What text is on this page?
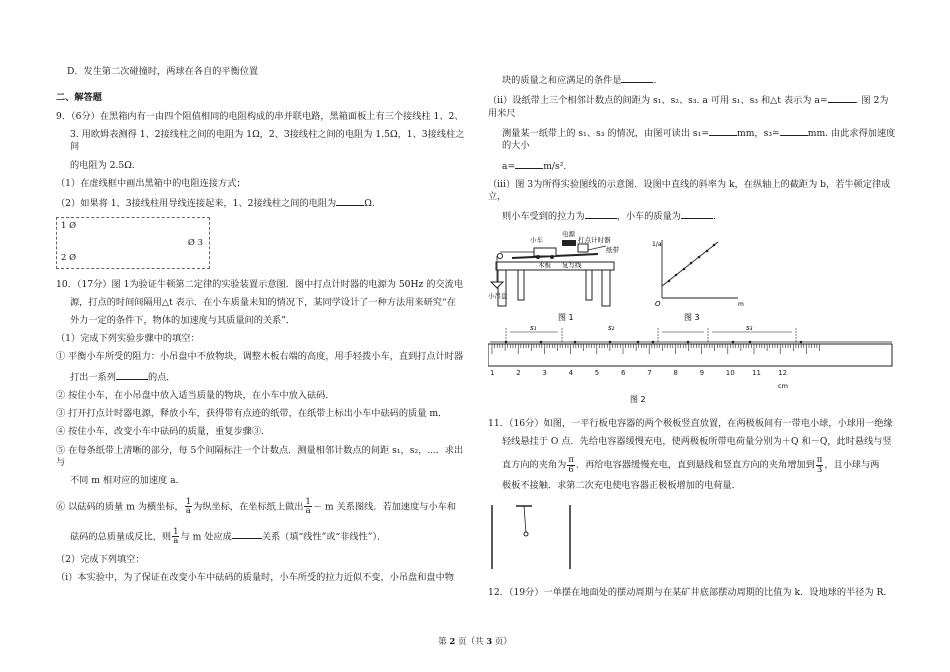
D．发生第二次碰撞时，两球在各自的平衡位置

二、解答题

9．（6分）在黑箱内有一由四个阻值相同的电阻构成的串并联电路，黑箱面板上有三个接线柱 1、2、

3. 用欧姆表测得 1、2接线柱之间的电阻为 1Ω，2、3接线柱之间的电阻为 1.5Ω，1、3接线柱之间

的电阻为 2.5Ω.

（1）在虚线框中画出黑箱中的电阻连接方式；

（2）如果将 1、3接线柱用导线连接起来，1、2接线柱之间的电阻为	Ω.

1 Ø
Ø 3
2 Ø

10．（17分）图 1为验证牛顿第二定律的实验装置示意图．图中打点计时器的电源为 50Hz 的交流电

源，打点的时间间隔用△t 表示．在小车质量未知的情况下，某同学设计了一种方法用来研究“在

外力一定的条件下，物体的加速度与其质量间的关系”．

（1）完成下列实验步骤中的填空：

① 平衡小车所受的阻力：小吊盘中不放物块，调整木板右端的高度，用手轻拨小车，直到打点计时器

打出一系列	的点．

② 按住小车，在小吊盘中放入适当质量的物块，在小车中放入砝码．

③ 打开打点计时器电源，释放小车，获得带有点迹的纸带，在纸带上标出小车中砝码的质量 m．

④ 按住小车，改变小车中砝码的质量，重复步骤③．

⑤ 在每条纸带上清晰的部分，每 5个间隔标注一个计数点．测量相邻计数点的间距 s₁，s₂，⋯．求出与

不同 m 相对应的加速度 a．

⑥ 以砝码的质量 m 为横坐标， $\frac{1}{a}$ 为纵坐标，在坐标纸上做出 $\frac{1}{a} - m$ 关系图线．若加速度与小车和

砝码的总质量成反比，则 $\frac{1}{a}$ 与 m 处应成	关系（填“线性”或“非线性”）．

（2）完成下列填空：

（ⅰ）本实验中，为了保证在改变小车中砝码的质量时，小车所受的拉力近似不变，小吊盘和盘中物

块的质量之和应满足的条件是	．

（ⅱ）设纸带上三个相邻计数点的间距为 s₁、s₂、s₃. a 可用 s₁、s₃ 和△t 表示为 a=	. 图 2为用米尺

测量某一纸带上的 s₁、s₃ 的情况，由图可读出 s₁=	mm，s₃=	mm. 由此求得加速度的大小

a=	m/s².

（ⅲ）图 3为所得实验图线的示意图．设图中直线的斜率为 k，在纵轴上的截距为 b，若牛顿定律成立，

则小车受到的拉力为	，小车的质量为	．

小车
电源
打点计时器
纸带
木板 复写线
小吊盘
图 1
1/a
m
O
图 3
1	2	3	4	5	6	7	8	9	10 11 12
cm
s₁	s₂	s₃
图 2

11．（16分）如图，一平行板电容器的两个极板竖直放置，在两极板间有一带电小球，小球用一绝缘

轻线悬挂于 O 点．先给电容器缓慢充电，使两极板所带电荷量分别为＋Q 和－Q，此时悬线与竖

直方向的夹角为 $\frac{\pi}{6}$ ．再给电容器缓慢充电，直到悬线和竖直方向的夹角增加到 $\frac{\pi}{3}$ ，且小球与两

极板不接触．求第二次充电使电容器正极板增加的电荷量．

12．（19分）一单摆在地面处的摆动周期与在某矿井底部摆动周期的比值为 k．设地球的半径为 R．

第 2 页（共 3 页）
